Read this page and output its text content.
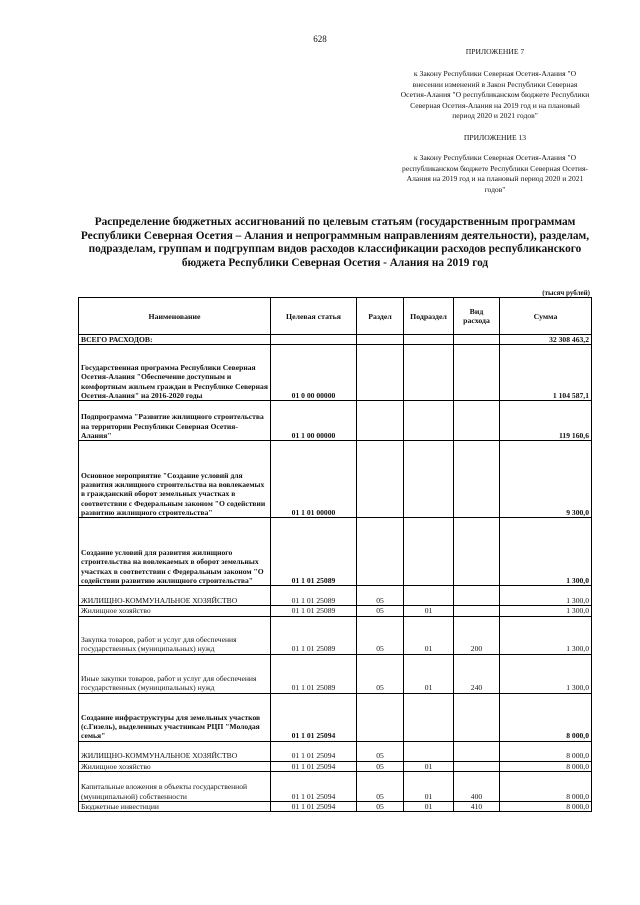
628
ПРИЛОЖЕНИЕ 7
к Закону Республики Северная Осетия-Алания "О внесении изменений в Закон Республики Северная Осетия-Алания "О республиканском бюджете Республики Северная Осетия-Алания на 2019 год и на плановый период 2020 и 2021 годов"
ПРИЛОЖЕНИЕ 13
к Закону Республики Северная Осетия-Алания "О республиканском бюджете Республики Северная Осетия-Алания на 2019 год и на плановый период 2020 и 2021 годов"
Распределение бюджетных ассигнований по целевым статьям (государственным программам Республики Северная Осетия – Алания и непрограммным направлениям деятельности), разделам, подразделам, группам и подгруппам видов расходов классификации расходов республиканского бюджета Республики Северная Осетия - Алания на 2019 год
(тысяч рублей)
Наименование	Целевая статья	Раздел	Подраздел	Вид расхода	Сумма
ВСЕГО РАСХОДОВ:					32 308 463,2
Государственная программа Республики Северная Осетия-Алания "Обеспечение доступным и комфортным жильем граждан в Республике Северная Осетия-Алания" на 2016-2020 годы	01 0 00 00000				1 104 587,1
Подпрограмма "Развитие жилищного строительства на территории Республики Северная Осетия-Алания"	01 1 00 00000				119 160,6
Основное мероприятие "Создание условий для развития жилищного строительства на вовлекаемых в гражданский оборот земельных участках в соответствии с Федеральным законом "О содействии развитию жилищного строительства"	01 1 01 00000				9 300,0
Создание условий для развития жилищного строительства на вовлекаемых в оборот земельных участках в соответствии с Федеральным законом "О содействии развитию жилищного строительства"	01 1 01 25089				1 300,0
ЖИЛИЩНО-КОММУНАЛЬНОЕ ХОЗЯЙСТВО	01 1 01 25089	05			1 300,0
Жилищное хозяйство	01 1 01 25089	05	01		1 300,0
Закупка товаров, работ и услуг для обеспечения государственных (муниципальных) нужд	01 1 01 25089	05	01	200	1 300,0
Иные закупки товаров, работ и услуг для обеспечения государственных (муниципальных) нужд	01 1 01 25089	05	01	240	1 300,0
Создание инфраструктуры для земельных участков (с.Гизель), выделенных участникам РЦП "Молодая семья"	01 1 01 25094				8 000,0
ЖИЛИЩНО-КОММУНАЛЬНОЕ ХОЗЯЙСТВО	01 1 01 25094	05			8 000,0
Жилищное хозяйство	01 1 01 25094	05	01		8 000,0
Капитальные вложения в объекты государственной (муниципальной) собственности	01 1 01 25094	05	01	400	8 000,0
Бюджетные инвестиции	01 1 01 25094	05	01	410	8 000,0
